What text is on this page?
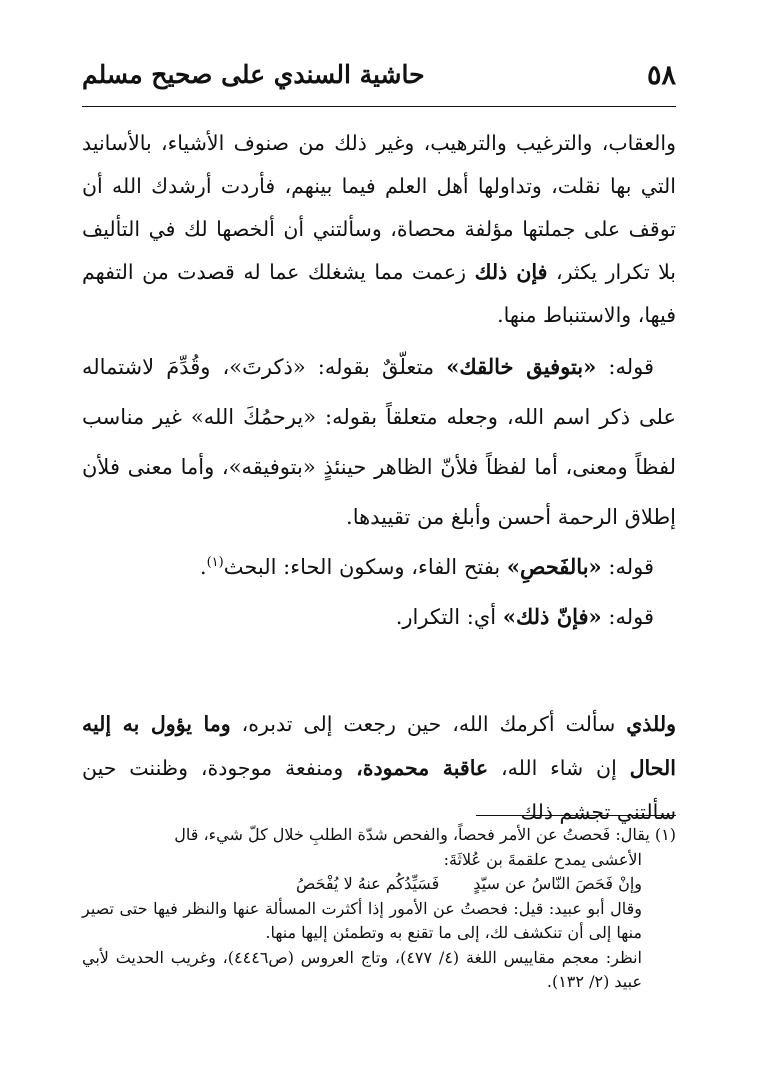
٥٨
حاشية السندي على صحيح مسلم

والعقاب، والترغيب والترهيب، وغير ذلك من صنوف الأشياء، بالأسانيد التي بها نقلت، وتداولها أهل العلم فيما بينهم، فأردت أرشدك الله أن توقف على جملتها مؤلفة محصاة، وسألتني أن ألخصها لك في التأليف بلا تكرار يكثر، فإن ذلك زعمت مما يشغلك عما له قصدت من التفهم فيها، والاستنباط منها.

قوله: «بتوفيق خالقك» متعلّقٌ بقوله: «ذكرتَ»، وقُدِّمَ لاشتماله على ذكر اسم الله، وجعله متعلقاً بقوله: «يرحمُكَ الله» غير مناسب لفظاً ومعنى، أما لفظاً فلأنّ الظاهر حينئذٍ «بتوفيقه»، وأما معنى فلأن إطلاق الرحمة أحسن وأبلغ من تقييدها.

قوله: «بالفَحصِ» بفتح الفاء، وسكون الحاء: البحث$^{(١)}$.

قوله: «فإنّ ذلك» أي: التكرار.

وللذي سألت أكرمك الله، حين رجعت إلى تدبره، وما يؤول به إليه الحال إن شاء الله، عاقبة محمودة، ومنفعة موجودة، وظننت حين سألتني تجشم ذلك

(١) يقال: فَحصتُ عن الأمر فحصاً، والفحص شدّة الطلبِ خلال كلّ شيء، قال

الأعشى يمدح علقمةَ بن عُلاثَةَ:

وإنْ فَحَصَ النّاسُ عن سيّدٍ
فَسَيِّدُكُم عنهُ لا يُفْحَصُ

وقال أبو عبيد: قيل: فحصتُ عن الأمور إذا أكثرت المسألة عنها والنظر فيها حتى تصير منها إلى أن تنكشف لك، إلى ما تقنع به وتطمئن إليها منها.

انظر: معجم مقاييس اللغة (٤/ ٤٧٧)، وتاج العروس (ص٤٤٤٦)، وغريب الحديث لأبي عبيد (٢/ ١٣٢).
